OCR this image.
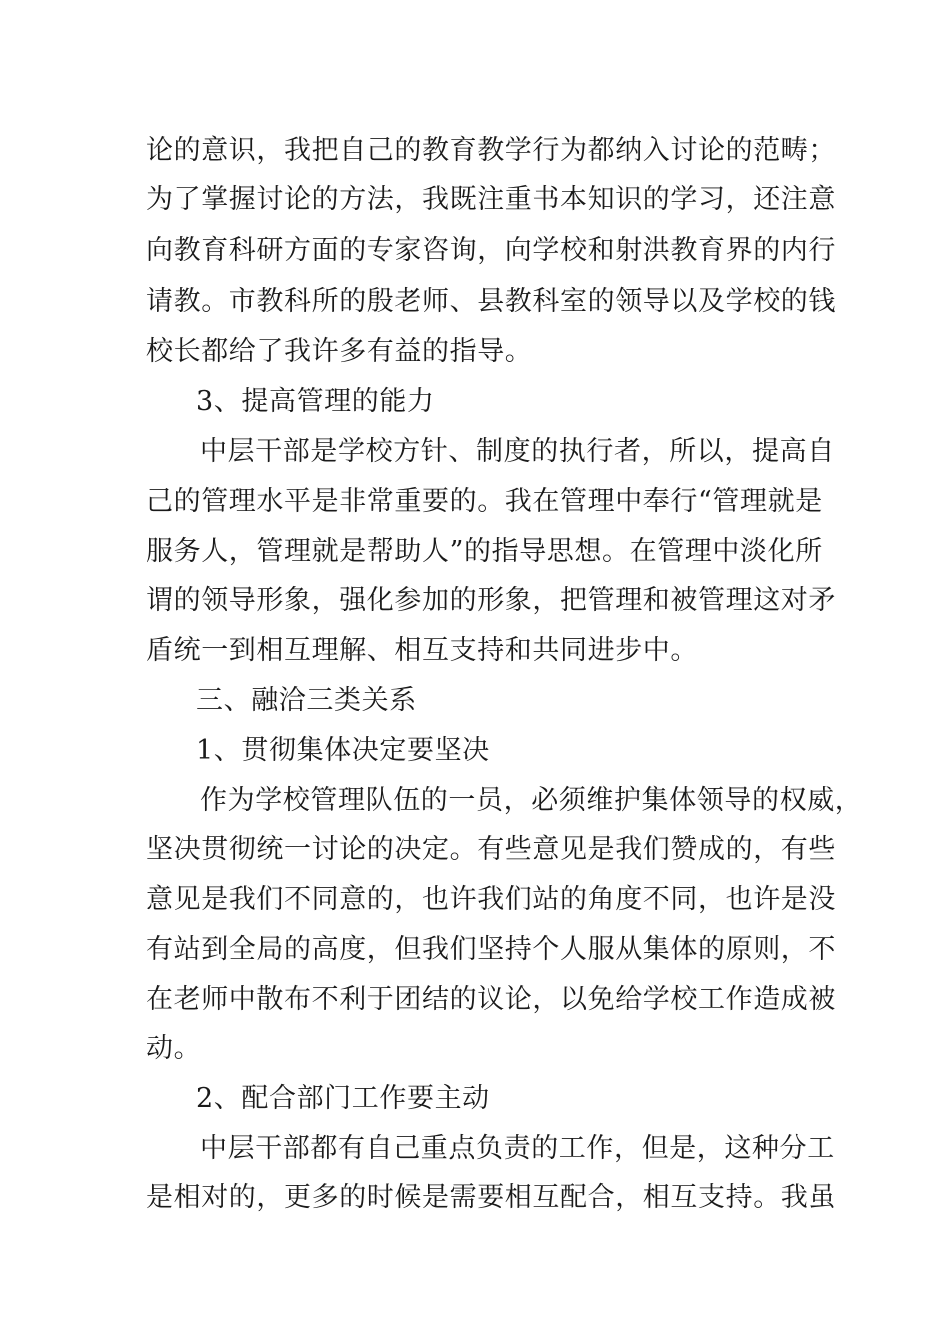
论的意识，我把自己的教育教学行为都纳入讨论的范畴；
为了掌握讨论的方法，我既注重书本知识的学习，还注意
向教育科研方面的专家咨询，向学校和射洪教育界的内行
请教。市教科所的殷老师、县教科室的领导以及学校的钱
校长都给了我许多有益的指导。
3、提高管理的能力
中层干部是学校方针、制度的执行者，所以，提高自
己的管理水平是非常重要的。我在管理中奉行“管理就是
服务人，管理就是帮助人”的指导思想。在管理中淡化所
谓的领导形象，强化参加的形象，把管理和被管理这对矛
盾统一到相互理解、相互支持和共同进步中。
三、融洽三类关系
1、贯彻集体决定要坚决
作为学校管理队伍的一员，必须维护集体领导的权威，
坚决贯彻统一讨论的决定。有些意见是我们赞成的，有些
意见是我们不同意的，也许我们站的角度不同，也许是没
有站到全局的高度，但我们坚持个人服从集体的原则，不
在老师中散布不利于团结的议论，以免给学校工作造成被
动。
2、配合部门工作要主动
中层干部都有自己重点负责的工作，但是，这种分工
是相对的，更多的时候是需要相互配合，相互支持。我虽
